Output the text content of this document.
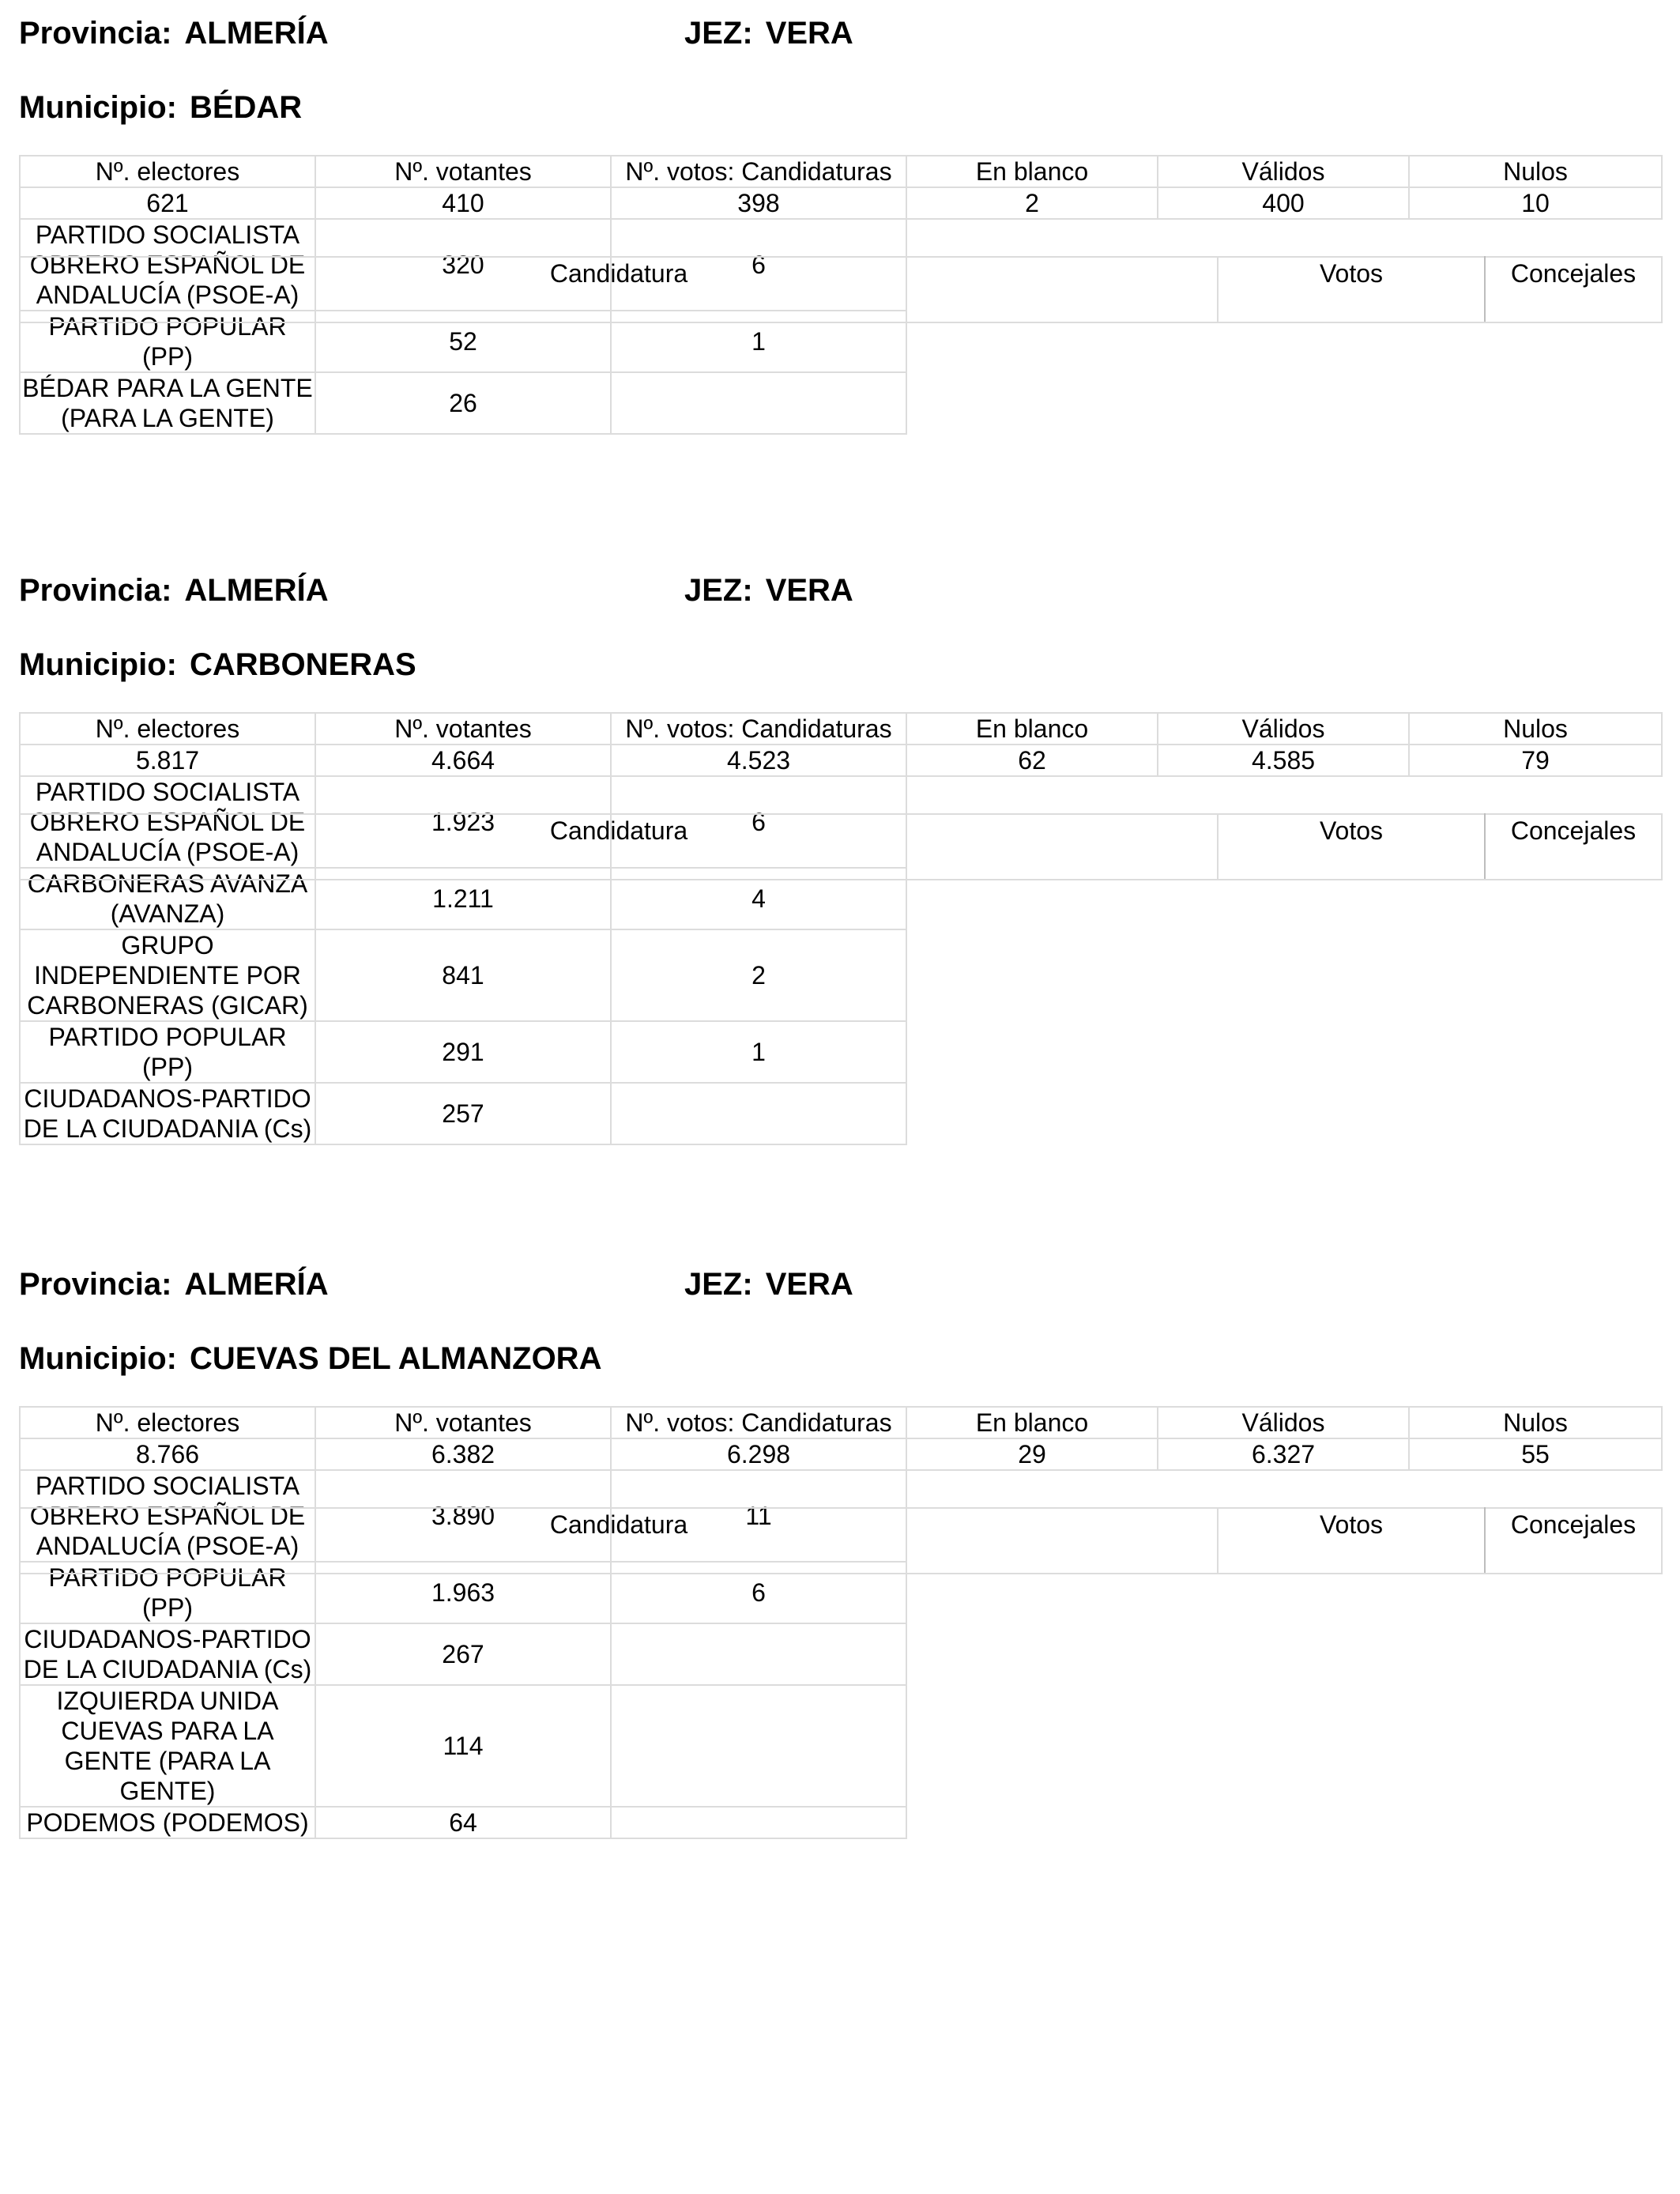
Provincia: ALMERÍA	JEZ: VERA
Municipio: BÉDAR
Nº. electores	Nº. votantes	Nº. votos: Candidaturas	En blanco	Válidos	Nulos
621	410	398	2	400	10
PARTIDO SOCIALISTA OBRERO ESPAÑOL DE ANDALUCÍA (PSOE-A)	320	6			
PARTIDO POPULAR (PP)	52	1			
BÉDAR PARA LA GENTE (PARA LA GENTE)	26				
Candidatura	Votos	Concejales
Provincia: ALMERÍA	JEZ: VERA
Municipio: CARBONERAS
Nº. electores	Nº. votantes	Nº. votos: Candidaturas	En blanco	Válidos	Nulos
5.817	4.664	4.523	62	4.585	79
PARTIDO SOCIALISTA OBRERO ESPAÑOL DE ANDALUCÍA (PSOE-A)	1.923	6			
CARBONERAS AVANZA (AVANZA)	1.211	4			
GRUPO INDEPENDIENTE POR CARBONERAS (GICAR)	841	2			
PARTIDO POPULAR (PP)	291	1			
CIUDADANOS-PARTIDO DE LA CIUDADANIA (Cs)	257				
Candidatura	Votos	Concejales
Provincia: ALMERÍA	JEZ: VERA
Municipio: CUEVAS DEL ALMANZORA
Nº. electores	Nº. votantes	Nº. votos: Candidaturas	En blanco	Válidos	Nulos
8.766	6.382	6.298	29	6.327	55
PARTIDO SOCIALISTA OBRERO ESPAÑOL DE ANDALUCÍA (PSOE-A)	3.890	11			
PARTIDO POPULAR (PP)	1.963	6			
CIUDADANOS-PARTIDO DE LA CIUDADANIA (Cs)	267				
IZQUIERDA UNIDA CUEVAS PARA LA GENTE (PARA LA GENTE)	114				
PODEMOS (PODEMOS)	64				
Candidatura	Votos	Concejales
